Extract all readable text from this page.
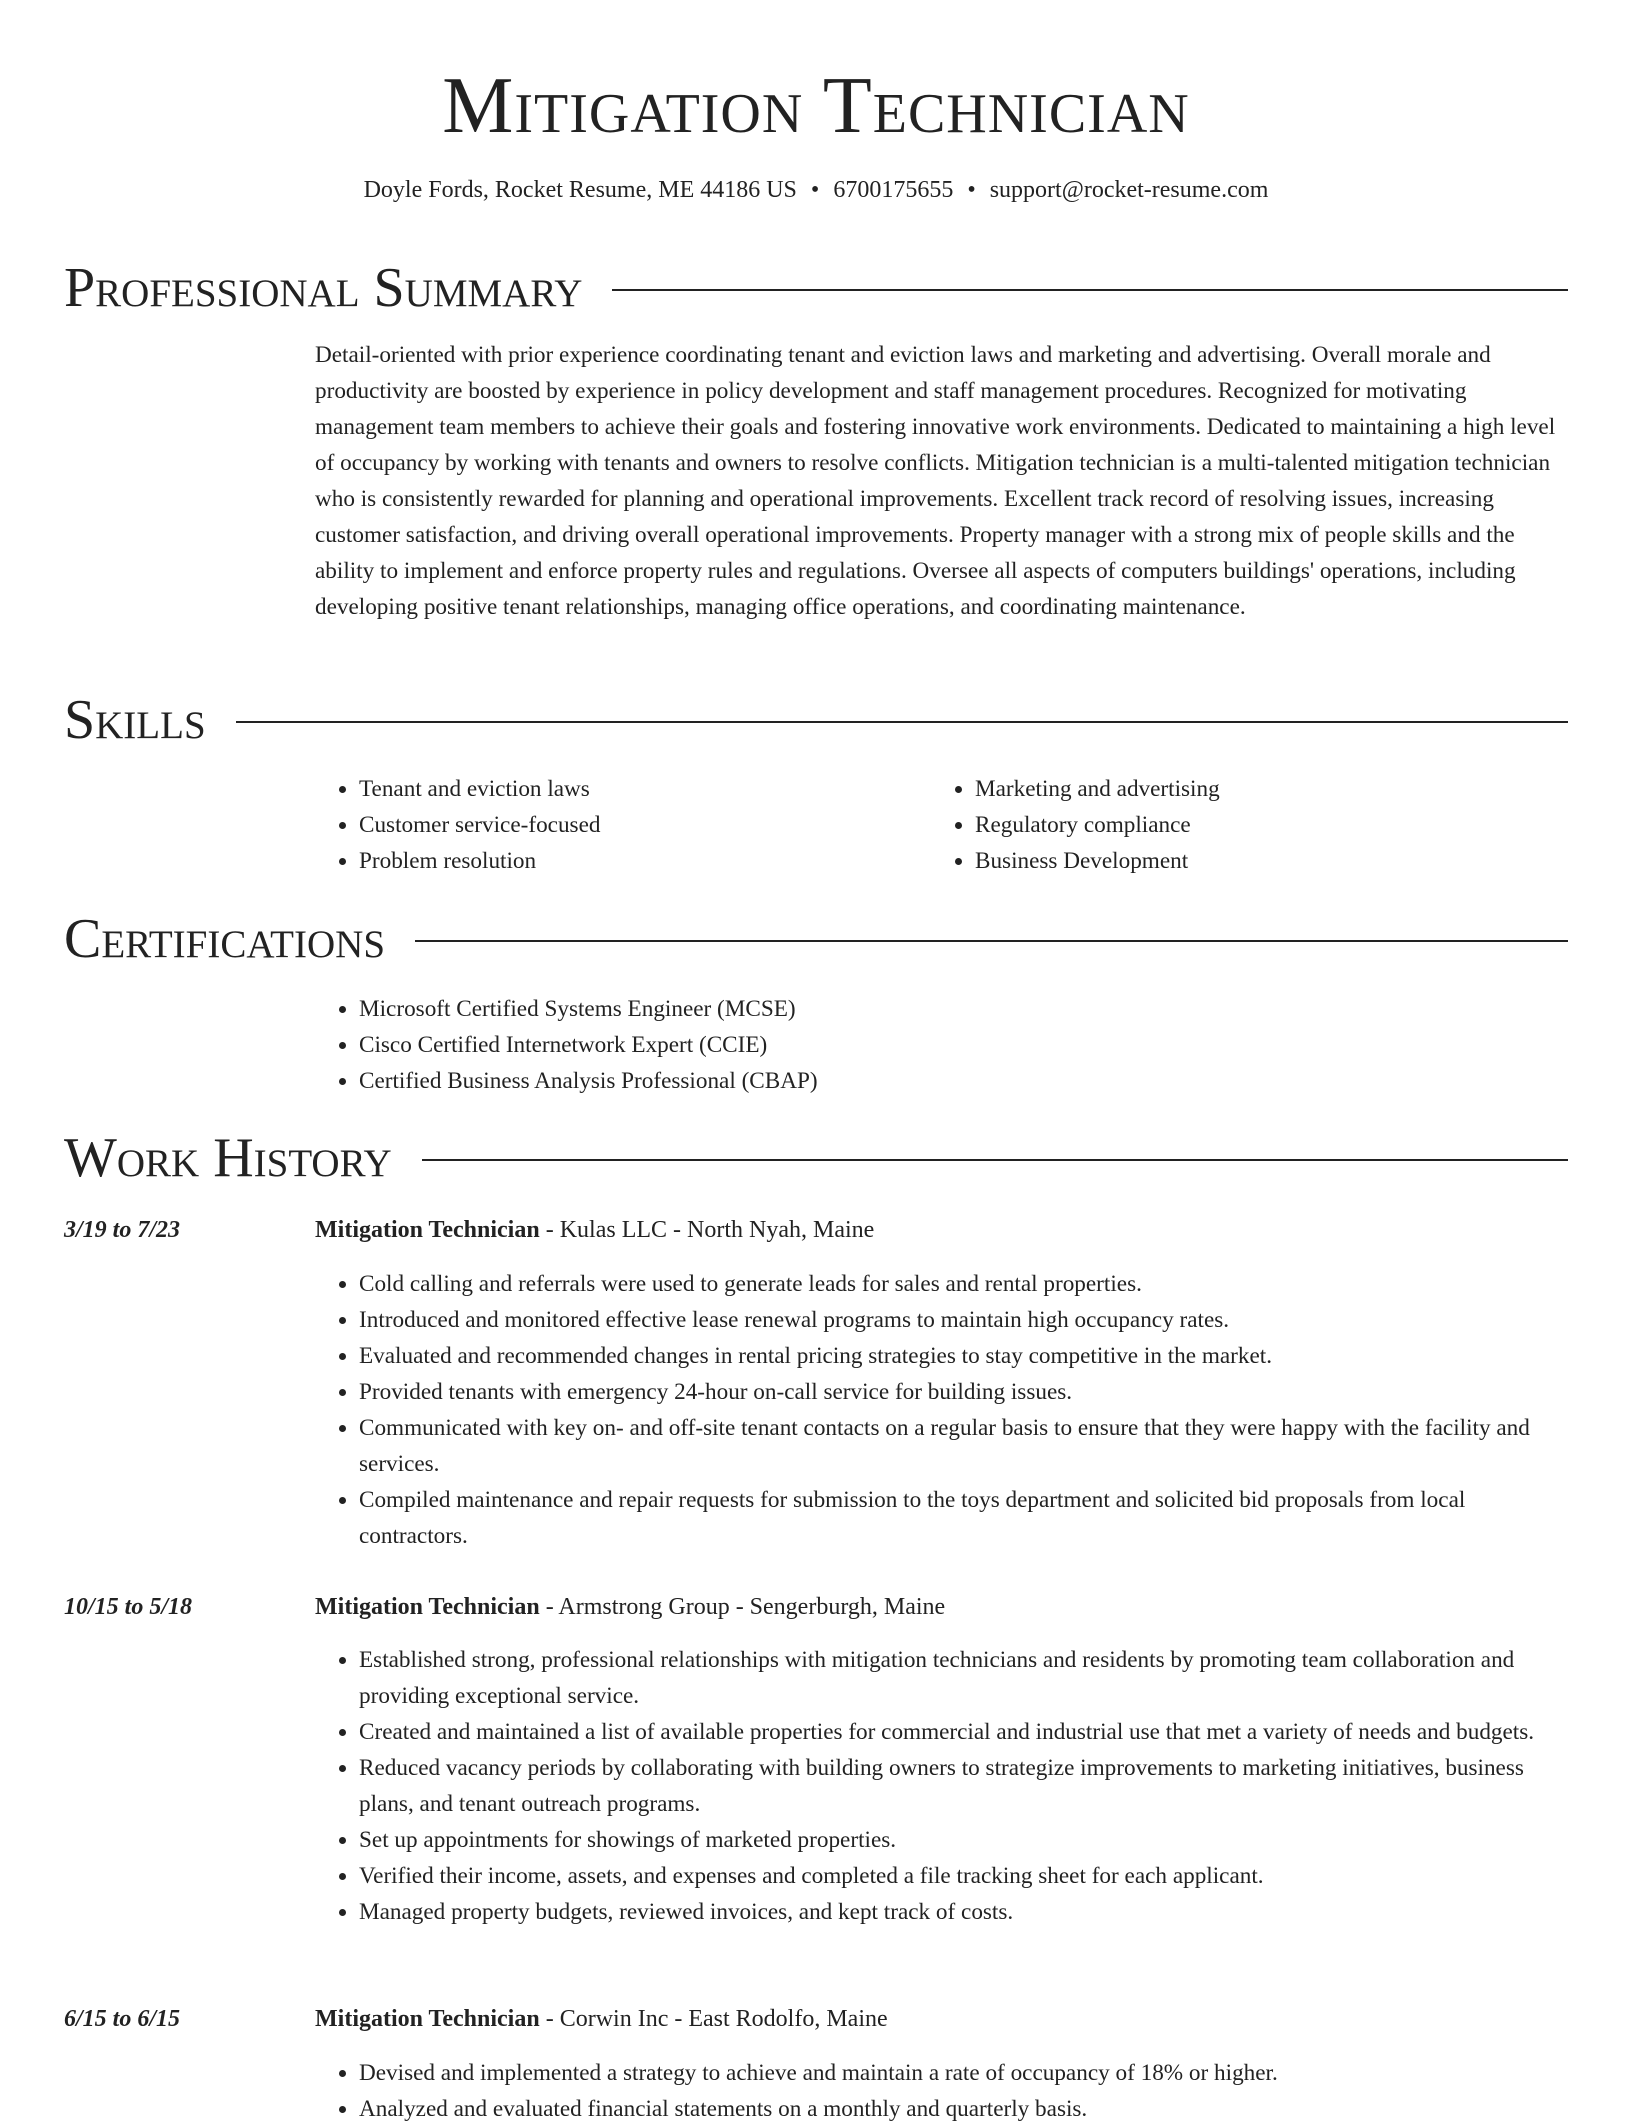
Mitigation Technician
Doyle Fords, Rocket Resume, ME 44186 US • 6700175655 • support@rocket-resume.com
Professional Summary
Detail-oriented with prior experience coordinating tenant and eviction laws and marketing and advertising. Overall morale and productivity are boosted by experience in policy development and staff management procedures. Recognized for motivating management team members to achieve their goals and fostering innovative work environments. Dedicated to maintaining a high level of occupancy by working with tenants and owners to resolve conflicts. Mitigation technician is a multi-talented mitigation technician who is consistently rewarded for planning and operational improvements. Excellent track record of resolving issues, increasing customer satisfaction, and driving overall operational improvements. Property manager with a strong mix of people skills and the ability to implement and enforce property rules and regulations. Oversee all aspects of computers buildings' operations, including developing positive tenant relationships, managing office operations, and coordinating maintenance.
Skills
• Tenant and eviction laws
• Customer service-focused
• Problem resolution
• Marketing and advertising
• Regulatory compliance
• Business Development
Certifications
• Microsoft Certified Systems Engineer (MCSE)
• Cisco Certified Internetwork Expert (CCIE)
• Certified Business Analysis Professional (CBAP)
Work History
3/19 to 7/23	Mitigation Technician - Kulas LLC - North Nyah, Maine
• Cold calling and referrals were used to generate leads for sales and rental properties.
• Introduced and monitored effective lease renewal programs to maintain high occupancy rates.
• Evaluated and recommended changes in rental pricing strategies to stay competitive in the market.
• Provided tenants with emergency 24-hour on-call service for building issues.
• Communicated with key on- and off-site tenant contacts on a regular basis to ensure that they were happy with the facility and services.
• Compiled maintenance and repair requests for submission to the toys department and solicited bid proposals from local contractors.
10/15 to 5/18	Mitigation Technician - Armstrong Group - Sengerburgh, Maine
• Established strong, professional relationships with mitigation technicians and residents by promoting team collaboration and providing exceptional service.
• Created and maintained a list of available properties for commercial and industrial use that met a variety of needs and budgets.
• Reduced vacancy periods by collaborating with building owners to strategize improvements to marketing initiatives, business plans, and tenant outreach programs.
• Set up appointments for showings of marketed properties.
• Verified their income, assets, and expenses and completed a file tracking sheet for each applicant.
• Managed property budgets, reviewed invoices, and kept track of costs.
6/15 to 6/15	Mitigation Technician - Corwin Inc - East Rodolfo, Maine
• Devised and implemented a strategy to achieve and maintain a rate of occupancy of 18% or higher.
• Analyzed and evaluated financial statements on a monthly and quarterly basis.
